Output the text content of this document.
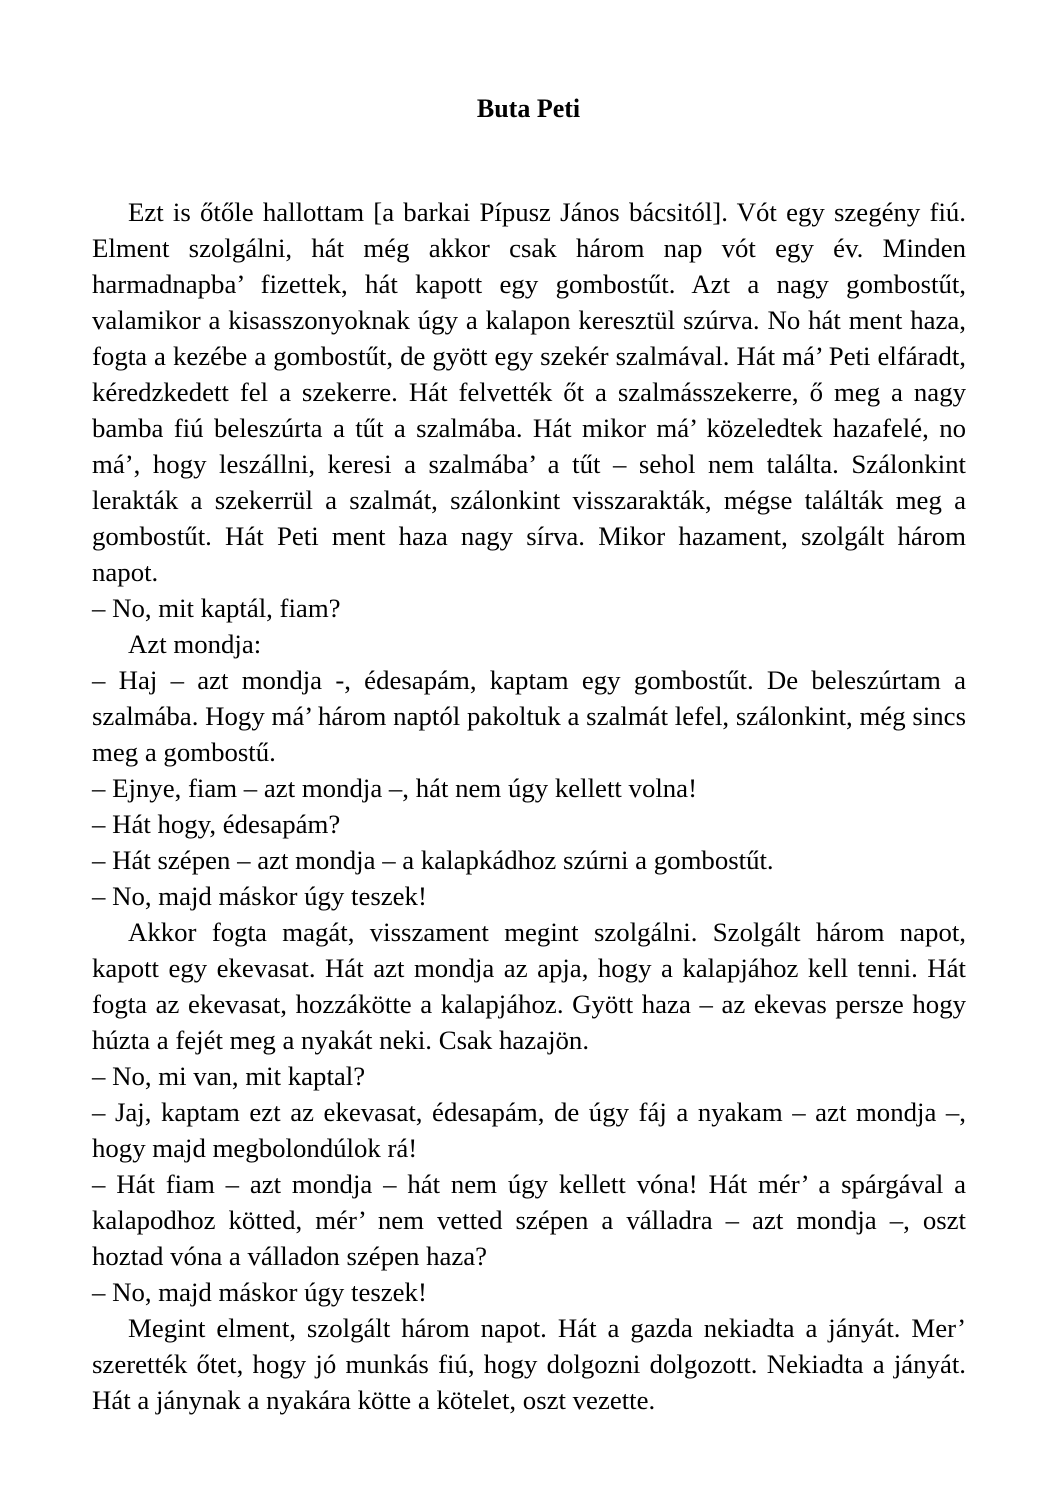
Buta Peti

Ezt is őtőle hallottam [a barkai Pípusz János bácsitól]. Vót egy szegény fiú. Elment szolgálni, hát még akkor csak három nap vót egy év. Minden harmadnapba’ fizettek, hát kapott egy gombostűt. Azt a nagy gombostűt, valamikor a kisasszonyoknak úgy a kalapon keresztül szúrva. No hát ment haza, fogta a kezébe a gombostűt, de gyött egy szekér szalmával. Hát má’ Peti elfáradt, kéredzkedett fel a szekerre. Hát felvették őt a szalmásszekerre, ő meg a nagy bamba fiú beleszúrta a tűt a szalmába. Hát mikor má’ közeledtek hazafelé, no má’, hogy leszállni, keresi a szalmába’ a tűt – sehol nem találta. Szálonkint lerakták a szekerrül a szalmát, szálonkint visszarakták, mégse találták meg a gombostűt. Hát Peti ment haza nagy sírva. Mikor hazament, szolgált három napot.

– No, mit kaptál, fiam?

Azt mondja:

– Haj – azt mondja -, édesapám, kaptam egy gombostűt. De beleszúrtam a szalmába. Hogy má’ három naptól pakoltuk a szalmát lefel, szálonkint, még sincs meg a gombostű.

– Ejnye, fiam – azt mondja –, hát nem úgy kellett volna!

– Hát hogy, édesapám?

– Hát szépen – azt mondja – a kalapkádhoz szúrni a gombostűt.

– No, majd máskor úgy teszek!

Akkor fogta magát, visszament megint szolgálni. Szolgált három napot, kapott egy ekevasat. Hát azt mondja az apja, hogy a kalapjához kell tenni. Hát fogta az ekevasat, hozzákötte a kalapjához. Gyött haza – az ekevas persze hogy húzta a fejét meg a nyakát neki. Csak hazajön.

– No, mi van, mit kaptal?

– Jaj, kaptam ezt az ekevasat, édesapám, de úgy fáj a nyakam – azt mondja –, hogy majd megbolondúlok rá!

– Hát fiam – azt mondja – hát nem úgy kellett vóna! Hát mér’ a spárgával a kalapodhoz kötted, mér’ nem vetted szépen a válladra – azt mondja –, oszt hoztad vóna a válladon szépen haza?

– No, majd máskor úgy teszek!

Megint elment, szolgált három napot. Hát a gazda nekiadta a jányát. Mer’ szerették őtet, hogy jó munkás fiú, hogy dolgozni dolgozott. Nekiadta a jányát. Hát a jánynak a nyakára kötte a kötelet, oszt vezette.
